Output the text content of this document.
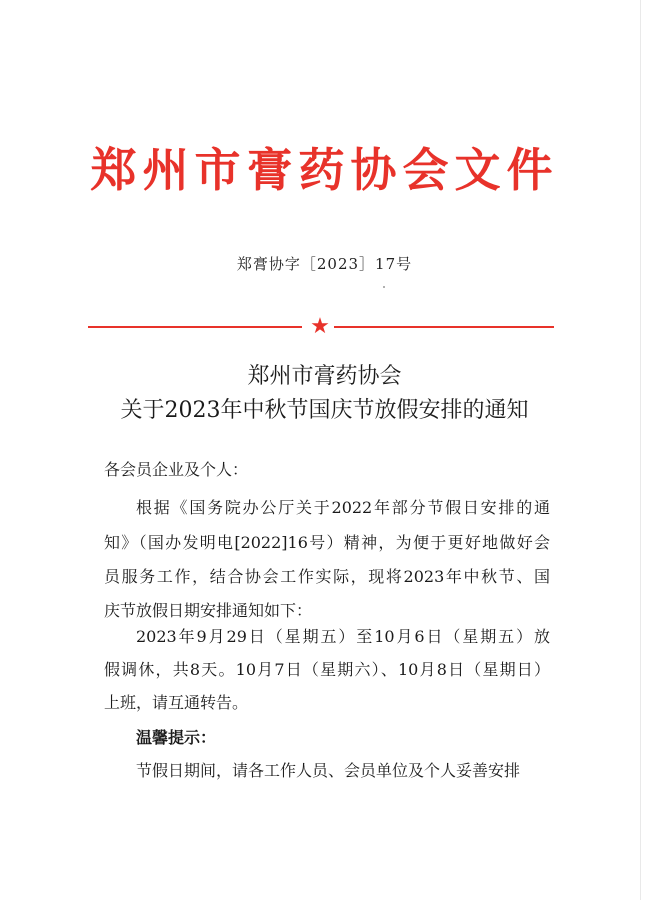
郑州市膏药协会文件
郑膏协字［2023］17号
★
郑州市膏药协会
关于2023年中秋节国庆节放假安排的通知
各会员企业及个人：
根据《国务院办公厅关于2022年部分节假日安排的通
知》（国办发明电[2022]16号）精神，为便于更好地做好会
员服务工作，结合协会工作实际，现将2023年中秋节、国
庆节放假日期安排通知如下：
2023年9月29日（星期五）至10月6日（星期五）放
假调休，共8天。10月7日（星期六）、10月8日（星期日）
上班，请互通转告。
温馨提示：
节假日期间，请各工作人员、会员单位及个人妥善安排
